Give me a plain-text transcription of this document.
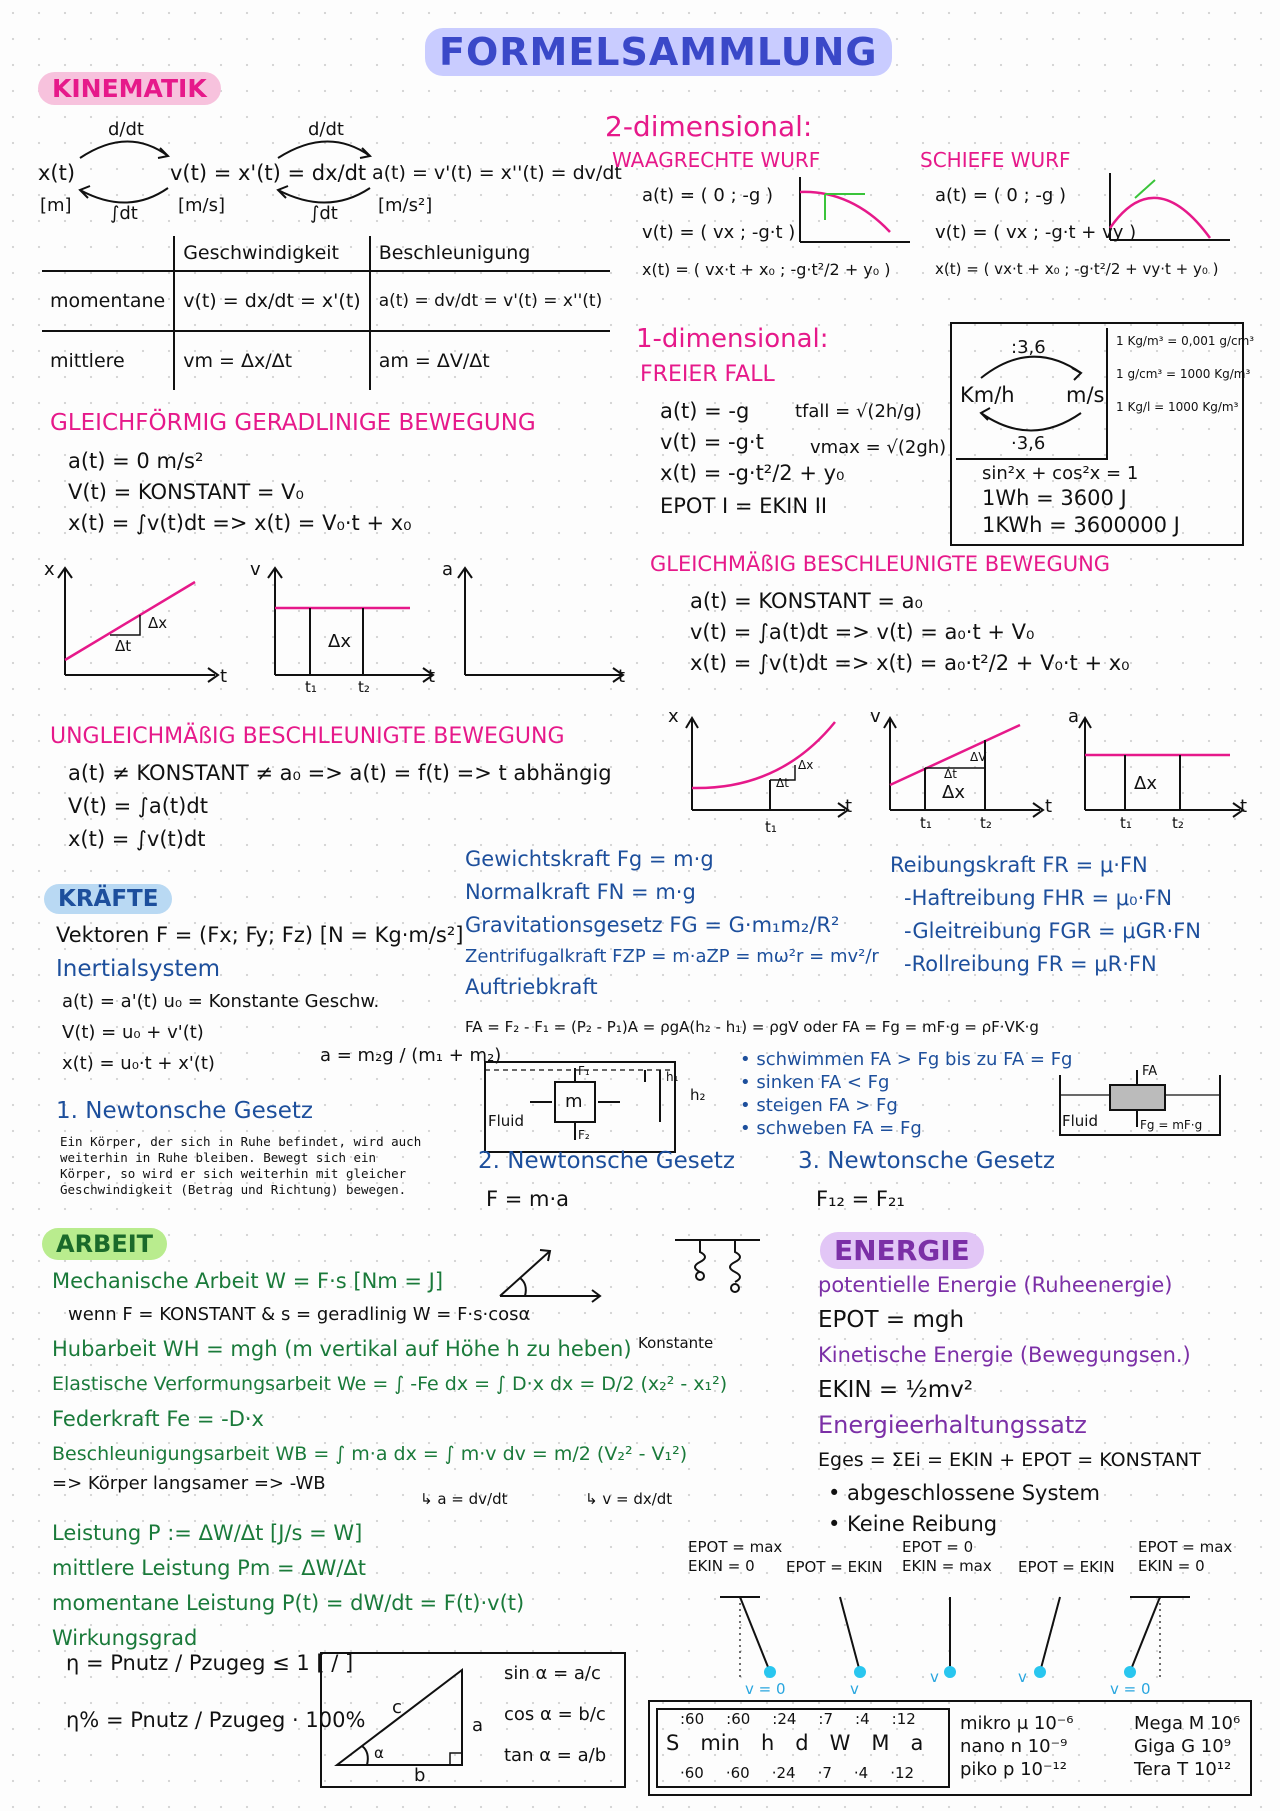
FORMELSAMMLUNG
KINEMATIK
d/dt	d/dt
x(t)	v(t) = x'(t) = dx/dt a(t) = v'(t) = x''(t) = dv/dt
[m] ∫dt [m/s]	∫dt [m/s²]
	Geschwindigkeit	Beschleunigung
momentane	v(t) = dx/dt = x'(t)	a(t) = dv/dt = v'(t) = x''(t)
mittlere	vm = Δx/Δt	am = ΔV/Δt
GLEICHFÖRMIG GERADLINIGE BEWEGUNG
a(t) = 0 m/s²
V(t) = KONSTANT = V₀
x(t) = ∫v(t)dt => x(t) = V₀·t + x₀
x
Δx
Δt
t
v
Δx
t₁	t₂	t
a
t
UNGLEICHMÄßIG BESCHLEUNIGTE BEWEGUNG
a(t) ≠ KONSTANT ≠ a₀ => a(t) = f(t) => t abhängig
V(t) = ∫a(t)dt
x(t) = ∫v(t)dt
2-dimensional:
WAAGRECHTE WURF
a(t) = ( 0 ; -g )
v(t) = ( vx ; -g·t )
x(t) = ( vx·t + x₀ ; -g·t²/2 + y₀ )
SCHIEFE WURF
a(t) = ( 0 ; -g )
v(t) = ( vx ; -g·t + vy )
x(t) = ( vx·t + x₀ ; -g·t²/2 + vy·t + y₀ )
1-dimensional:
FREIER FALL
a(t) = -g
v(t) = -g·t
x(t) = -g·t²/2 + y₀
EPOT I = EKIN II
tfall = √(2h/g)
vmax = √(2gh)
:3,6
Km/h m/s
·3,6
1 Kg/m³ = 0,001 g/cm³
1 g/cm³ = 1000 Kg/m³
1 Kg/l = 1000 Kg/m³
sin²x + cos²x = 1
1Wh = 3600 J
1KWh = 3600000 J
GLEICHMÄßIG BESCHLEUNIGTE BEWEGUNG
a(t) = KONSTANT = a₀
v(t) = ∫a(t)dt => v(t) = a₀·t + V₀
x(t) = ∫v(t)dt => x(t) = a₀·t²/2 + V₀·t + x₀
x
Δx
Δt
t₁
t
v
ΔV
Δt
Δx
t₁	t₂
t
a
Δx
t₁	t₂
t
KRÄFTE
Vektoren F = (Fx; Fy; Fz) [N = Kg·m/s²]
Inertialsystem
a(t) = a'(t) u₀ = Konstante Geschw.
V(t) = u₀ + v'(t)
x(t) = u₀·t + x'(t)	a = m₂g / (m₁ + m₂)
1. Newtonsche Gesetz
Ein Körper, der sich in Ruhe befindet, wird auch weiterhin in Ruhe bleiben. Bewegt sich ein Körper, so wird er sich weiterhin mit gleicher Geschwindigkeit (Betrag und Richtung) bewegen.
Gewichtskraft Fg = m·g
Normalkraft FN = m·g
Gravitationsgesetz FG = G·m₁m₂/R²
Zentrifugalkraft FZP = m·aZP = mω²r = mv²/r
Auftriebkraft
FA = F₂ - F₁ = (P₂ - P₁)A = ρgA(h₂ - h₁) = ρgV oder FA = Fg = mF·g = ρF·VK·g
• schwimmen FA > Fg bis zu FA = Fg
• sinken FA < Fg
• steigen FA > Fg
• schweben FA = Fg
Fluid
m
F₁
F₂
h₁
h₂
Reibungskraft FR = μ·FN
-Haftreibung FHR = μ₀·FN
-Gleitreibung FGR = μGR·FN
-Rollreibung FR = μR·FN
Fluid
FA
Fg = mF·g
2. Newtonsche Gesetz
F = m·a
3. Newtonsche Gesetz
F₁₂ = F₂₁
ARBEIT
Konstante
Mechanische Arbeit W = F·s [Nm = J]
wenn F = KONSTANT & s = geradlinig W = F·s·cosα
Hubarbeit WH = mgh (m vertikal auf Höhe h zu heben)
Elastische Verformungsarbeit We = ∫ -Fe dx = ∫ D·x dx = D/2 (x₂² - x₁²)
Federkraft Fe = -D·x
Beschleunigungsarbeit WB = ∫ m·a dx = ∫ m·v dv = m/2 (V₂² - V₁²)
=> Körper langsamer => -WB
↳ a = dv/dt	↳ v = dx/dt
Leistung P := ΔW/Δt [J/s = W]
mittlere Leistung Pm = ΔW/Δt
momentane Leistung P(t) = dW/dt = F(t)·v(t)
Wirkungsgrad
η = Pnutz / Pzugeg ≤ 1 [ / ]
η% = Pnutz / Pzugeg · 100%
c
a
b
α
sin α = a/c
cos α = b/c
tan α = a/b
ENERGIE
potentielle Energie (Ruheenergie)
EPOT = mgh
Kinetische Energie (Bewegungsen.)
EKIN = ½mv²
Energieerhaltungssatz
Eges = ΣEi = EKIN + EPOT = KONSTANT
• abgeschlossene System
• Keine Reibung
EPOT = max
EKIN = 0	EPOT = EKIN
EPOT = 0
EKIN = max EPOT = EKIN
EPOT = max
EKIN = 0
v = 0	v
v	v
v = 0
S min h d W M a
:60 :60 :24 :7 :4 :12
·60 ·60 ·24 ·7 ·4 ·12
mikro μ 10⁻⁶	Mega M 10⁶
nano n 10⁻⁹	Giga G 10⁹
piko p 10⁻¹²	Tera T 10¹²
